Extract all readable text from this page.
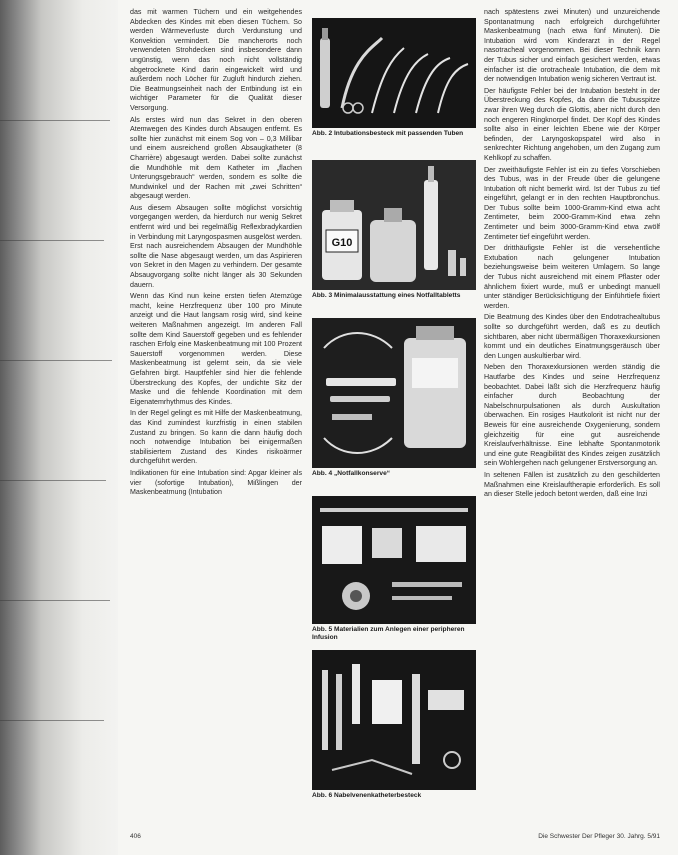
das mit warmen Tüchern und ein weitgehendes Abdecken des Kindes mit eben diesen Tüchern. So werden Wärmeverluste durch Verdunstung und Konvektion vermindert. Die mancherorts noch verwendeten Strohdecken sind insbesondere dann ungünstig, wenn das noch nicht vollständig abgetrocknete Kind darin eingewickelt wird und außerdem noch Löcher für Zugluft hindurch ziehen. Die Beatmungseinheit nach der Entbindung ist ein wichtiger Parameter für die Qualität dieser Versorgung.

Als erstes wird nun das Sekret in den oberen Atemwegen des Kindes durch Absaugen entfernt. Es sollte hier zunächst mit einem Sog von – 0,3 Millibar und einem ausreichend großen Absaugkatheter (8 Charrière) abgesaugt werden. Dabei sollte zunächst die Mundhöhle mit dem Katheter im „flachen Unterungsgebrauch“ werden, sondern es sollte die Mundwinkel und der Rachen mit „zwei Schritten“ abgesaugt werden.

Aus diesem Absaugen sollte möglichst vorsichtig vorgegangen werden, da hierdurch nur wenig Sekret entfernt wird und bei regelmäßig Reflexbradykardien in Verbindung mit Laryngospasmen ausgelöst werden. Erst nach ausreichendem Absaugen der Mundhöhle sollte die Nase abgesaugt werden, um das Aspirieren von Sekret in den Magen zu verhindern. Der gesamte Absaugvorgang sollte nicht länger als 30 Sekunden dauern.

Wenn das Kind nun keine ersten tiefen Atemzüge macht, keine Herzfrequenz über 100 pro Minute anzeigt und die Haut langsam rosig wird, sind keine weiteren Maßnahmen angezeigt. Im anderen Fall sollte dem Kind Sauerstoff gegeben und es fehlender raschen Erfolg eine Maskenbeatmung mit 100 Prozent Sauerstoff vorgenommen werden. Diese Maskenbeatmung ist gelernt sein, da sie viele Gefahren birgt. Hauptfehler sind hier die fehlende Überstreckung des Kopfes, der undichte Sitz der Maske und die fehlende Koordination mit dem Eigenatemrhythmus des Kindes.

In der Regel gelingt es mit Hilfe der Maskenbeatmung, das Kind zumindest kurzfristig in einen stabilen Zustand zu bringen. So kann die dann häufig doch noch notwendige Intubation bei einigermaßen stabilisiertem Zustand des Kindes risikoärmer durchgeführt werden.

Indikationen für eine Intubation sind: Apgar kleiner als vier (sofortige Intubation), Mißlingen der Maskenbeatmung (Intubation

Abb. 2 Intubationsbesteck mit passenden Tuben
G10
Abb. 3 Minimalausstattung eines Notfalltabletts
Abb. 4 „Notfallkonserve“
Abb. 5 Materialien zum Anlegen einer peripheren Infusion
Abb. 6 Nabelvenenkatheterbesteck

nach spätestens zwei Minuten) und unzureichende Spontanatmung nach erfolgreich durchgeführter Maskenbeatmung (nach etwa fünf Minuten). Die Intubation wird vom Kinderarzt in der Regel nasotracheal vorgenommen. Bei dieser Technik kann der Tubus sicher und einfach gesichert werden, etwas einfacher ist die orotracheale Intubation, die dem mit der notwendigen Intubation wenig sicheren Vertraut ist.

Der häufigste Fehler bei der Intubation besteht in der Überstreckung des Kopfes, da dann die Tubusspitze zwar ihren Weg durch die Glottis, aber nicht durch den noch engeren Ringknorpel findet. Der Kopf des Kindes sollte also in einer leichten Ebene wie der Körper befinden, der Laryngoskopspatel wird also in senkrechter Richtung angehoben, um den Zugang zum Kehlkopf zu schaffen.

Der zweithäufigste Fehler ist ein zu tiefes Vorschieben des Tubus, was in der Freude über die gelungene Intubation oft nicht bemerkt wird. Ist der Tubus zu tief eingeführt, gelangt er in den rechten Hauptbronchus. Der Tubus sollte beim 1000-Gramm-Kind etwa acht Zentimeter, beim 2000-Gramm-Kind etwa zehn Zentimeter und beim 3000-Gramm-Kind etwa zwölf Zentimeter tief eingeführt werden.

Der dritthäufigste Fehler ist die versehentliche Extubation nach gelungener Intubation beziehungsweise beim weiteren Umlagern. So lange der Tubus nicht ausreichend mit einem Pflaster oder ähnlichem fixiert wurde, muß er unbedingt manuell unter ständiger Berücksichtigung der Einführtiefe fixiert werden.

Die Beatmung des Kindes über den Endotrachealtubus sollte so durchgeführt werden, daß es zu deutlich sichtbaren, aber nicht übermäßigen Thoraxexkursionen kommt und ein deutliches Einatmungsgeräusch über den Lungen auskultierbar wird.

Neben den Thoraxexkursionen werden ständig die Hautfarbe des Kindes und seine Herzfrequenz beobachtet. Dabei läßt sich die Herzfrequenz häufig einfacher durch Beobachtung der Nabelschnurpulsationen als durch Auskultation überwachen. Ein rosiges Hautkolorit ist nicht nur der Beweis für eine ausreichende Oxygenierung, sondern gleichzeitig für eine gut ausreichende Kreislaufverhältnisse. Eine lebhafte Spontanmotorik und eine gute Reagibilität des Kindes zeigen zusätzlich sein Wohlergehen nach gelungener Erstversorgung an.

In seltenen Fällen ist zusätzlich zu den geschilderten Maßnahmen eine Kreislauftherapie erforderlich. Es soll an dieser Stelle jedoch betont werden, daß eine Inzi

406	Die Schwester Der Pfleger 30. Jahrg. 5/91
